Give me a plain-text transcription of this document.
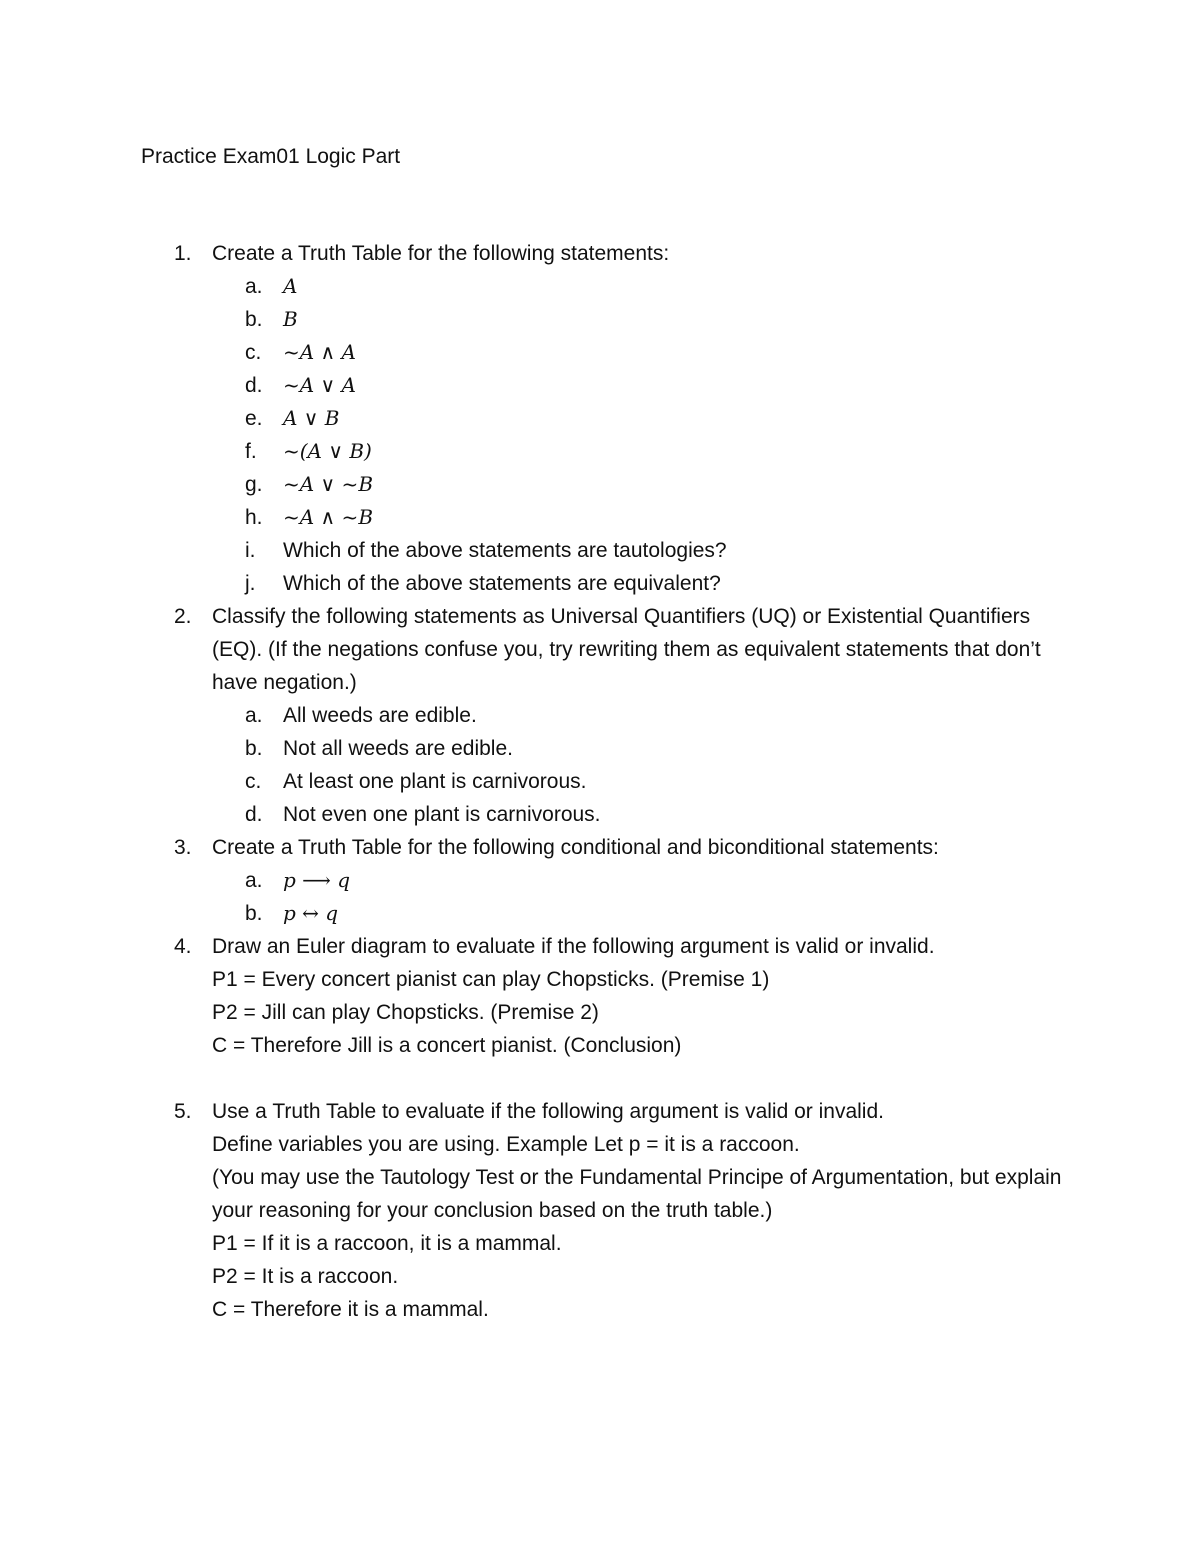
Practice Exam01 Logic Part
1. Create a Truth Table for the following statements:
a. A
b. B
c. ~A ∧ A
d. ~A ∨ A
e. A ∨ B
f. ~(A ∨ B)
g. ~A ∨ ~B
h. ~A ∧ ~B
i. Which of the above statements are tautologies?
j. Which of the above statements are equivalent?
2. Classify the following statements as Universal Quantifiers (UQ) or Existential Quantifiers (EQ). (If the negations confuse you, try rewriting them as equivalent statements that don’t have negation.)
a. All weeds are edible.
b. Not all weeds are edible.
c. At least one plant is carnivorous.
d. Not even one plant is carnivorous.
3. Create a Truth Table for the following conditional and biconditional statements:
a. p ⟶ q
b. p ↔ q
4. Draw an Euler diagram to evaluate if the following argument is valid or invalid.
P1 = Every concert pianist can play Chopsticks. (Premise 1)
P2 = Jill can play Chopsticks. (Premise 2)
C = Therefore Jill is a concert pianist. (Conclusion)
5. Use a Truth Table to evaluate if the following argument is valid or invalid.
Define variables you are using. Example Let p = it is a raccoon.
(You may use the Tautology Test or the Fundamental Principe of Argumentation, but explain your reasoning for your conclusion based on the truth table.)
P1 = If it is a raccoon, it is a mammal.
P2 = It is a raccoon.
C = Therefore it is a mammal.
